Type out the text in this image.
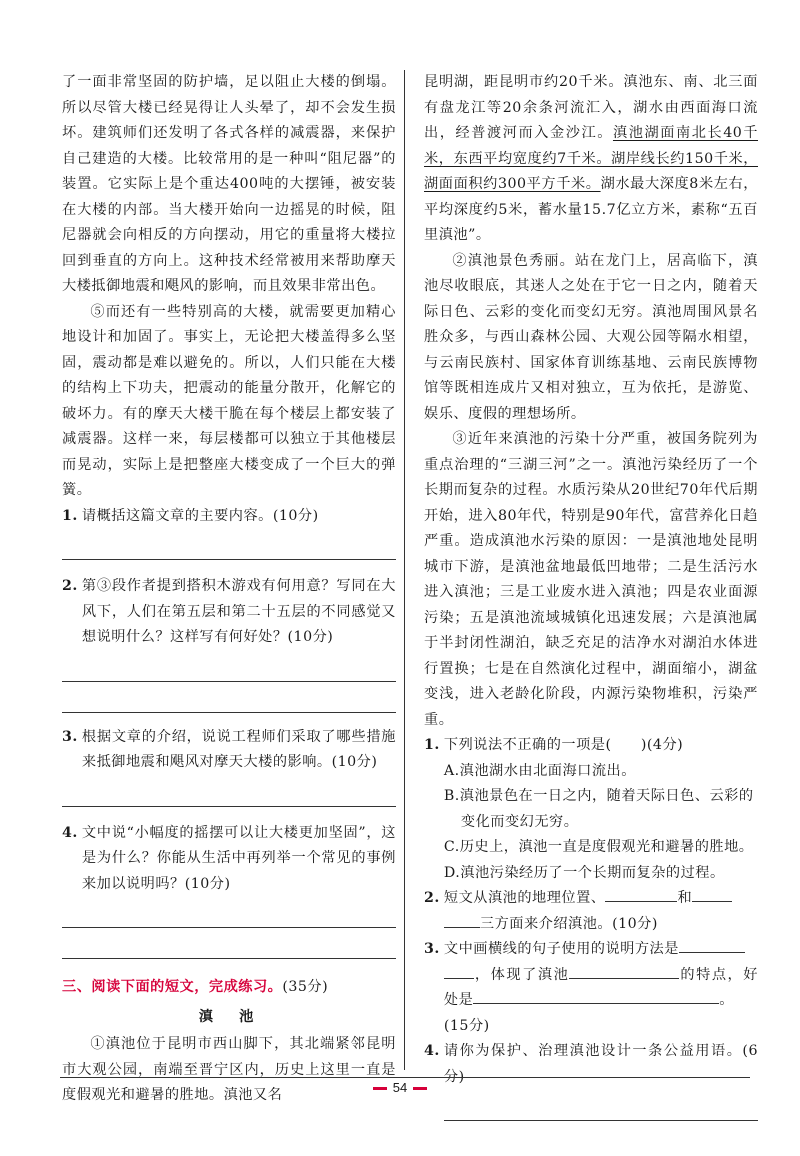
了一面非常坚固的防护墙，足以阻止大楼的倒塌。所以尽管大楼已经晃得让人头晕了，却不会发生损坏。建筑师们还发明了各式各样的减震器，来保护自己建造的大楼。比较常用的是一种叫“阻尼器”的装置。它实际上是个重达400吨的大摆锤，被安装在大楼的内部。当大楼开始向一边摇晃的时候，阻尼器就会向相反的方向摆动，用它的重量将大楼拉回到垂直的方向上。这种技术经常被用来帮助摩天大楼抵御地震和飓风的影响，而且效果非常出色。

⑤而还有一些特别高的大楼，就需要更加精心地设计和加固了。事实上，无论把大楼盖得多么坚固，震动都是难以避免的。所以，人们只能在大楼的结构上下功夫，把震动的能量分散开，化解它的破坏力。有的摩天大楼干脆在每个楼层上都安装了减震器。这样一来，每层楼都可以独立于其他楼层而晃动，实际上是把整座大楼变成了一个巨大的弹簧。

1. 请概括这篇文章的主要内容。(10分)
2. 第③段作者提到搭积木游戏有何用意？写同在大风下，人们在第五层和第二十五层的不同感觉又想说明什么？这样写有何好处？(10分)
3. 根据文章的介绍，说说工程师们采取了哪些措施来抵御地震和飓风对摩天大楼的影响。(10分)
4. 文中说“小幅度的摇摆可以让大楼更加坚固”，这是为什么？你能从生活中再列举一个常见的事例来加以说明吗？(10分)

三、阅读下面的短文，完成练习。(35分)

滇　池

①滇池位于昆明市西山脚下，其北端紧邻昆明市大观公园，南端至晋宁区内，历史上这里一直是度假观光和避暑的胜地。滇池又名

昆明湖，距昆明市约20千米。滇池东、南、北三面有盘龙江等20余条河流汇入，湖水由西面海口流出，经普渡河而入金沙江。滇池湖面南北长40千米，东西平均宽度约7千米。湖岸线长约150千米，湖面面积约300平方千米。湖水最大深度8米左右，平均深度约5米，蓄水量15.7亿立方米，素称“五百里滇池”。

②滇池景色秀丽。站在龙门上，居高临下，滇池尽收眼底，其迷人之处在于它一日之内，随着天际日色、云彩的变化而变幻无穷。滇池周围风景名胜众多，与西山森林公园、大观公园等隔水相望，与云南民族村、国家体育训练基地、云南民族博物馆等既相连成片又相对独立，互为依托，是游览、娱乐、度假的理想场所。

③近年来滇池的污染十分严重，被国务院列为重点治理的“三湖三河”之一。滇池污染经历了一个长期而复杂的过程。水质污染从20世纪70年代后期开始，进入80年代，特别是90年代，富营养化日趋严重。造成滇池水污染的原因：一是滇池地处昆明城市下游，是滇池盆地最低凹地带；二是生活污水进入滇池；三是工业废水进入滇池；四是农业面源污染；五是滇池流域城镇化迅速发展；六是滇池属于半封闭性湖泊，缺乏充足的洁净水对湖泊水体进行置换；七是在自然演化过程中，湖面缩小，湖盆变浅，进入老龄化阶段，内源污染物堆积，污染严重。

1. 下列说法不正确的一项是(　　)(4分)
A.滇池湖水由北面海口流出。
B.滇池景色在一日之内，随着天际日色、云彩的变化而变幻无穷。
C.历史上，滇池一直是度假观光和避暑的胜地。
D.滇池污染经历了一个长期而复杂的过程。
2. 短文从滇池的地理位置、	和
三方面来介绍滇池。(10分)
3. 文中画横线的句子使用的说明方法是
，体现了滇池	的特点，好处是	。
(15分)
4. 请你为保护、治理滇池设计一条公益用语。(6分)
54
